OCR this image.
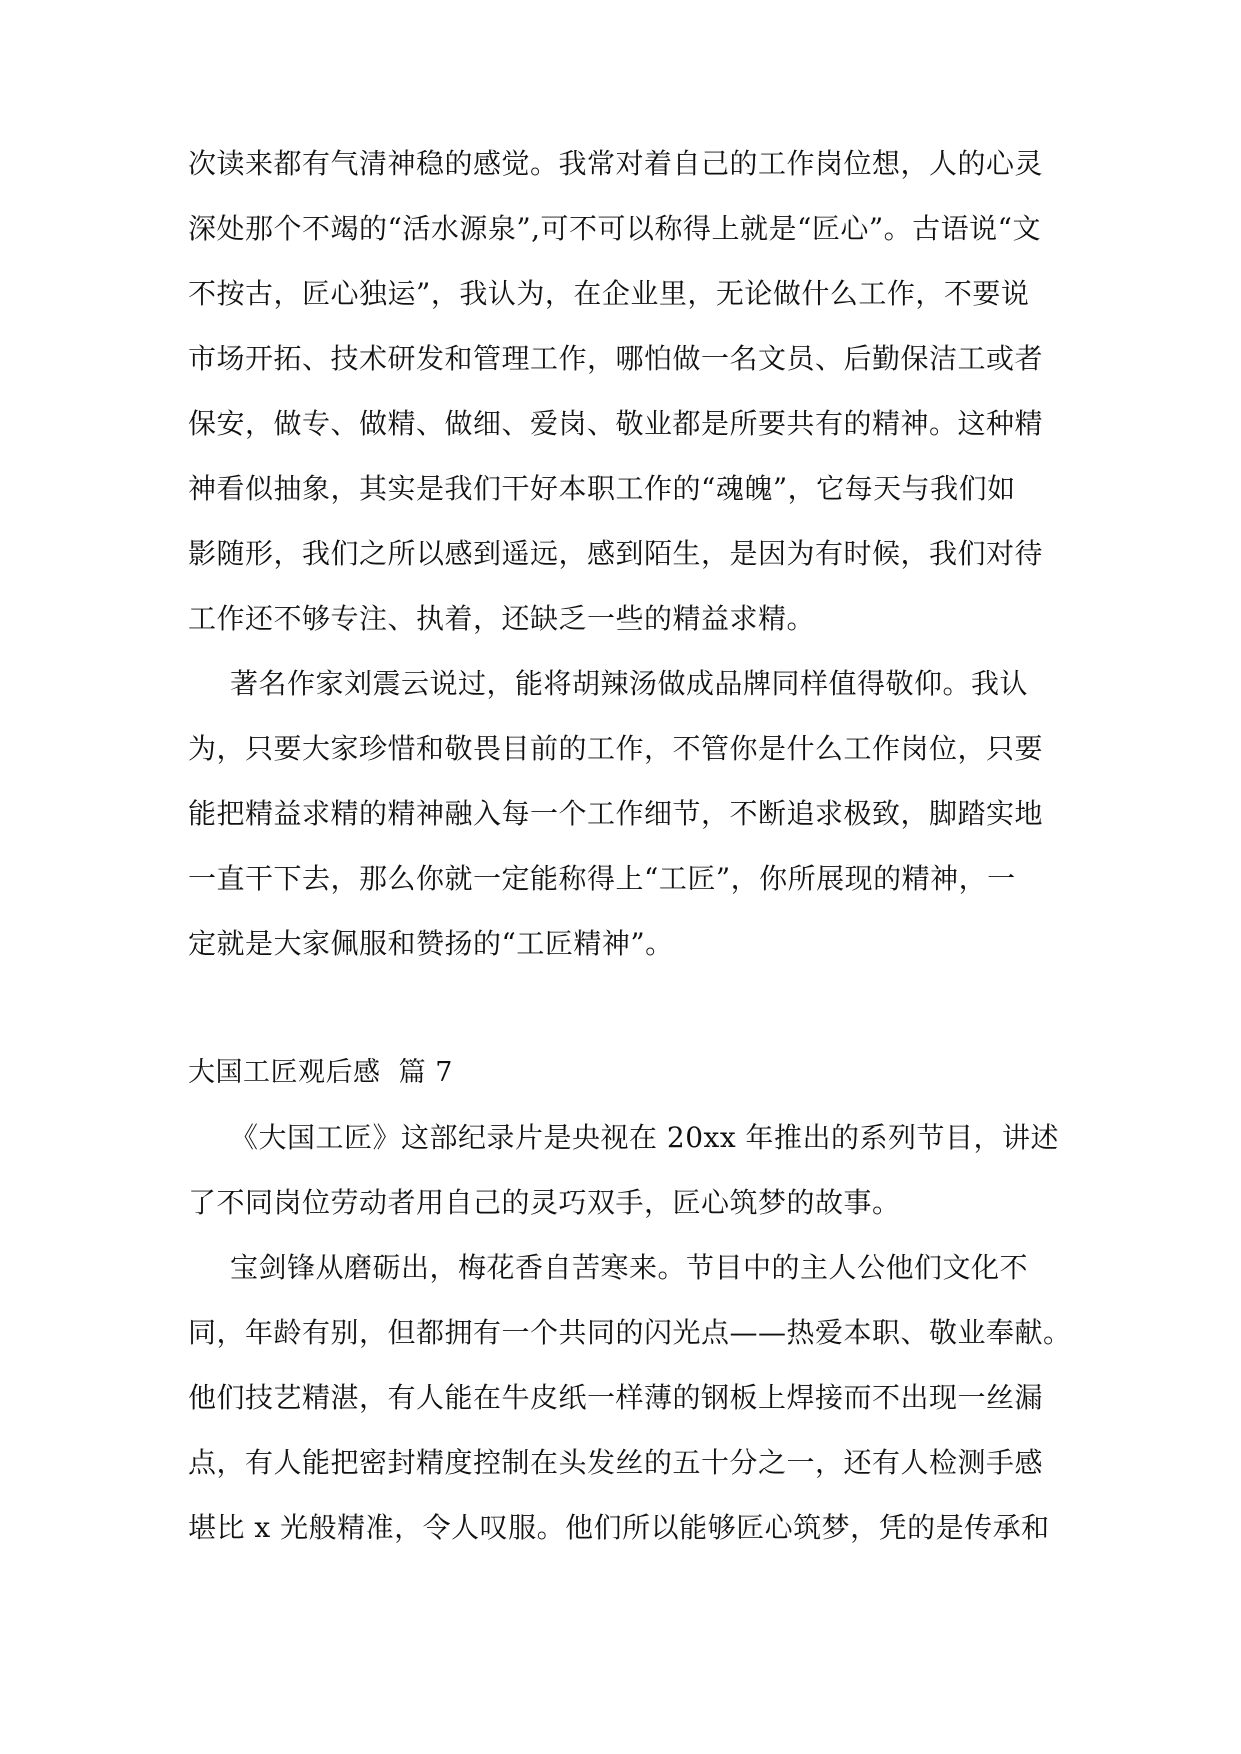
次读来都有气清神稳的感觉。我常对着自己的工作岗位想，人的心灵
深处那个不竭的“活水源泉”,可不可以称得上就是“匠心”。古语说“文
不按古，匠心独运”，我认为，在企业里，无论做什么工作，不要说
市场开拓、技术研发和管理工作，哪怕做一名文员、后勤保洁工或者
保安，做专、做精、做细、爱岗、敬业都是所要共有的精神。这种精
神看似抽象，其实是我们干好本职工作的“魂魄”，它每天与我们如
影随形，我们之所以感到遥远，感到陌生，是因为有时候，我们对待
工作还不够专注、执着，还缺乏一些的精益求精。
著名作家刘震云说过，能将胡辣汤做成品牌同样值得敬仰。我认
为，只要大家珍惜和敬畏目前的工作，不管你是什么工作岗位，只要
能把精益求精的精神融入每一个工作细节，不断追求极致，脚踏实地
一直干下去，那么你就一定能称得上“工匠”，你所展现的精神，一
定就是大家佩服和赞扬的“工匠精神”。
大国工匠观后感  篇 7
《大国工匠》这部纪录片是央视在 20xx 年推出的系列节目，讲述
了不同岗位劳动者用自己的灵巧双手，匠心筑梦的故事。
宝剑锋从磨砺出，梅花香自苦寒来。节目中的主人公他们文化不
同，年龄有别，但都拥有一个共同的闪光点——热爱本职、敬业奉献。
他们技艺精湛，有人能在牛皮纸一样薄的钢板上焊接而不出现一丝漏
点，有人能把密封精度控制在头发丝的五十分之一，还有人检测手感
堪比 x 光般精准，令人叹服。他们所以能够匠心筑梦，凭的是传承和
